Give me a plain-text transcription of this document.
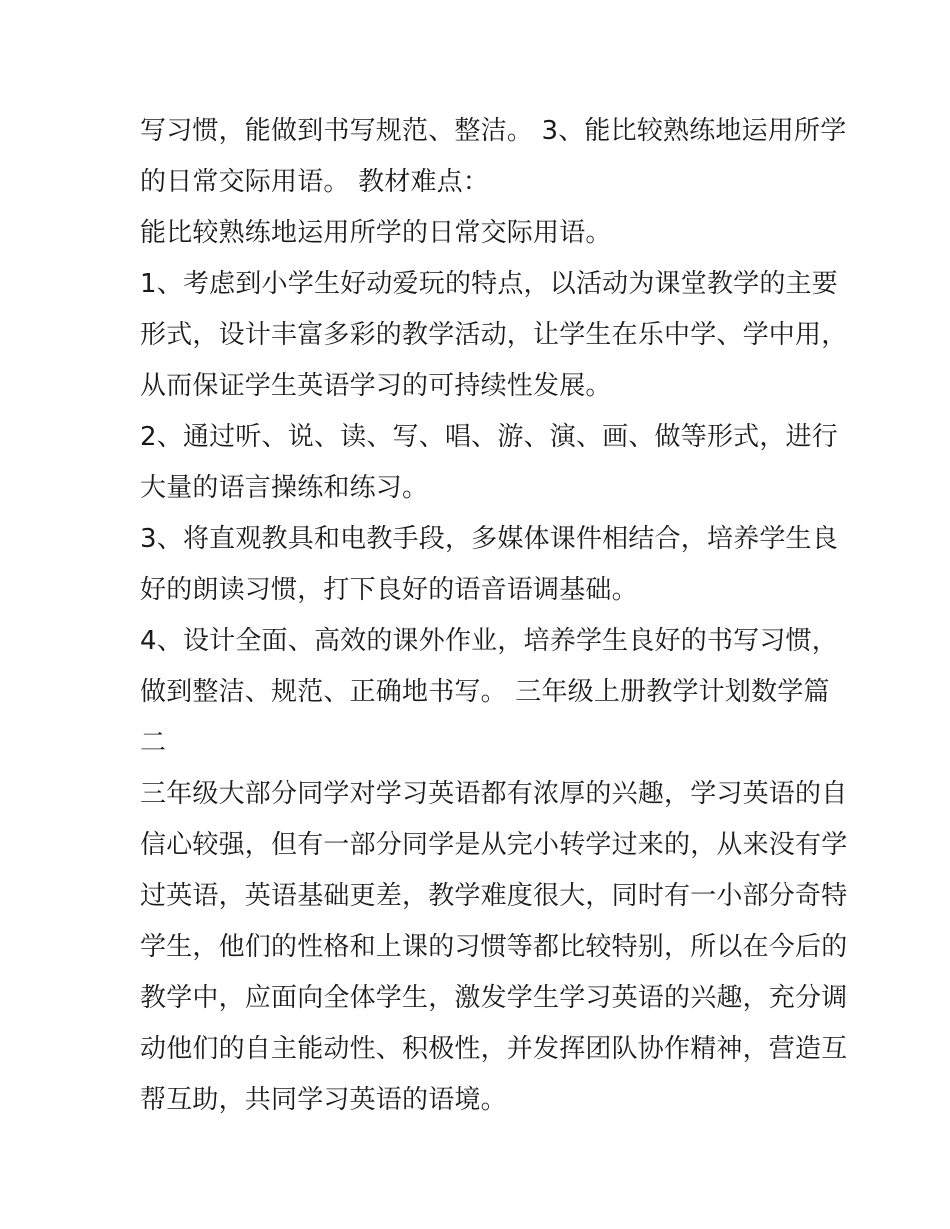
写习惯，能做到书写规范、整洁。 3、能比较熟练地运用所学
的日常交际用语。 教材难点：
能比较熟练地运用所学的日常交际用语。
1、考虑到小学生好动爱玩的特点，以活动为课堂教学的主要
形式，设计丰富多彩的教学活动，让学生在乐中学、学中用，
从而保证学生英语学习的可持续性发展。
2、通过听、说、读、写、唱、游、演、画、做等形式，进行
大量的语言操练和练习。
3、将直观教具和电教手段，多媒体课件相结合，培养学生良
好的朗读习惯，打下良好的语音语调基础。
4、设计全面、高效的课外作业，培养学生良好的书写习惯，
做到整洁、规范、正确地书写。 三年级上册教学计划数学篇
二
三年级大部分同学对学习英语都有浓厚的兴趣，学习英语的自
信心较强，但有一部分同学是从完小转学过来的，从来没有学
过英语，英语基础更差，教学难度很大，同时有一小部分奇特
学生，他们的性格和上课的习惯等都比较特别，所以在今后的
教学中，应面向全体学生，激发学生学习英语的兴趣，充分调
动他们的自主能动性、积极性，并发挥团队协作精神，营造互
帮互助，共同学习英语的语境。
